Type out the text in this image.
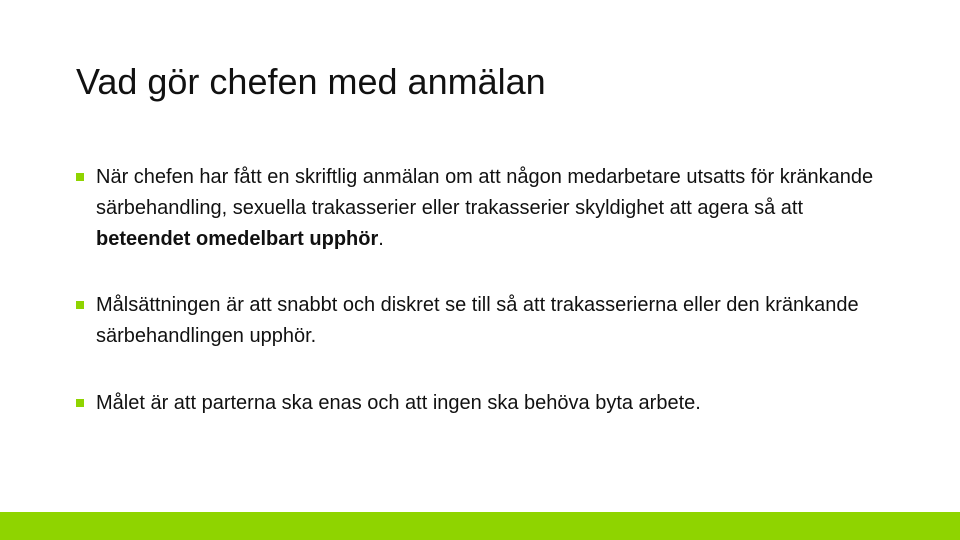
Vad gör chefen med anmälan
När chefen har fått en skriftlig anmälan om att någon medarbetare utsatts för kränkande särbehandling, sexuella trakasserier eller trakasserier skyldighet att agera så att beteendet omedelbart upphör.
Målsättningen är att snabbt och diskret se till så att trakasserierna eller den kränkande särbehandlingen upphör.
Målet är att parterna ska enas och att ingen ska behöva byta arbete.
